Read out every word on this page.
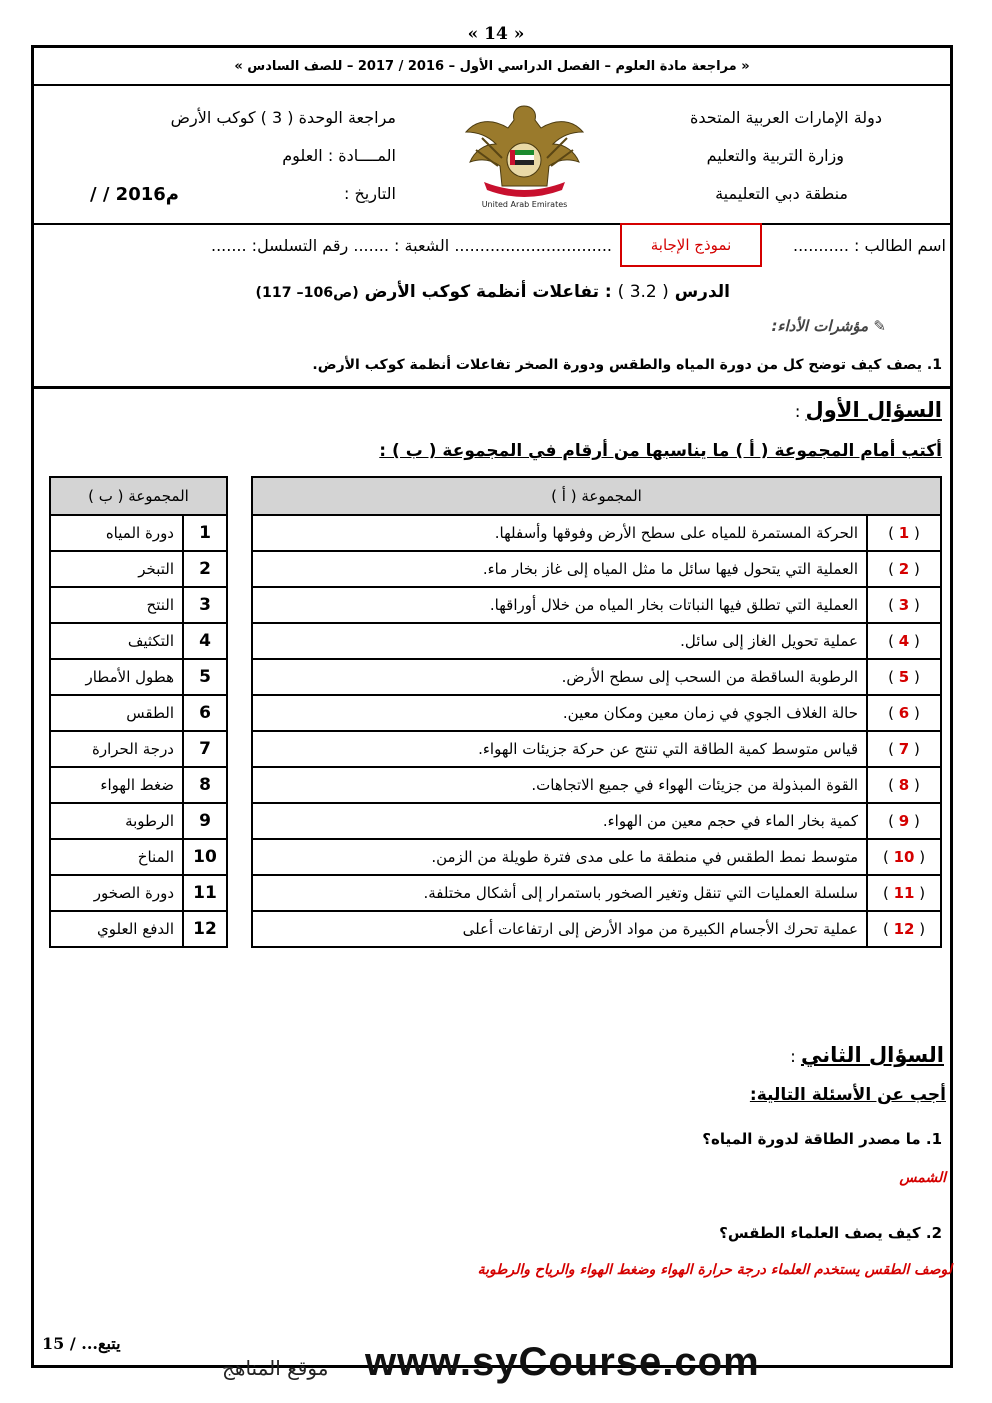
« 14 »
« مراجعة مادة العلوم – الفصل الدراسي الأول – 2016 / 2017 – للصف السادس »
دولة الإمارات العربية المتحدة
وزارة التربية والتعليم
منطقة دبي التعليمية
United Arab Emirates
مراجعة الوحدة ( 3 ) كوكب الأرض
المــــادة : العلوم
التاريخ :
/ / 2016م
اسم الطالب : ...........
نموذج الإجابة
............................... الشعبة : ....... رقم التسلسل: .......
الدرس ( 3.2 ) : تفاعلات أنظمة كوكب الأرض (ص106– 117)
✎ مؤشرات الأداء:
1. يصف كيف توضح كل من دورة المياه والطقس ودورة الصخر تفاعلات أنظمة كوكب الأرض.
السؤال الأول :
أكتب أمام المجموعة ( أ ) ما يناسبها من أرقام في المجموعة ( ب ) :
المجموعة ( أ )	
الحركة المستمرة للمياه على سطح الأرض وفوقها وأسفلها.	( 1 )
العملية التي يتحول فيها سائل ما مثل المياه إلى غاز بخار ماء.	( 2 )
العملية التي تطلق فيها النباتات بخار المياه من خلال أوراقها.	( 3 )
عملية تحويل الغاز إلى سائل.	( 4 )
الرطوبة الساقطة من السحب إلى سطح الأرض.	( 5 )
حالة الغلاف الجوي في زمان معين ومكان معين.	( 6 )
قياس متوسط كمية الطاقة التي تنتج عن حركة جزيئات الهواء.	( 7 )
القوة المبذولة من جزيئات الهواء في جميع الاتجاهات.	( 8 )
كمية بخار الماء في حجم معين من الهواء.	( 9 )
متوسط نمط الطقس في منطقة ما على مدى فترة طويلة من الزمن.	( 10 )
سلسلة العمليات التي تنقل وتغير الصخور باستمرار إلى أشكال مختلفة.	( 11 )
عملية تحرك الأجسام الكبيرة من مواد الأرض إلى ارتفاعات أعلى	( 12 )
المجموعة ( ب )	
دورة المياه	1
التبخر	2
النتح	3
التكثيف	4
هطول الأمطار	5
الطقس	6
درجة الحرارة	7
ضغط الهواء	8
الرطوبة	9
المناخ	10
دورة الصخور	11
الدفع العلوي	12
السؤال الثاني :
أجب عن الأسئلة التالية:
1. ما مصدر الطاقة لدورة المياه؟
الشمس
2. كيف يصف العلماء الطقس؟
لوصف الطقس يستخدم العلماء درجة حرارة الهواء وضغط الهواء والرياح والرطوبة
يتبع... / 15	www.syCourse.com
موقع المناهج
